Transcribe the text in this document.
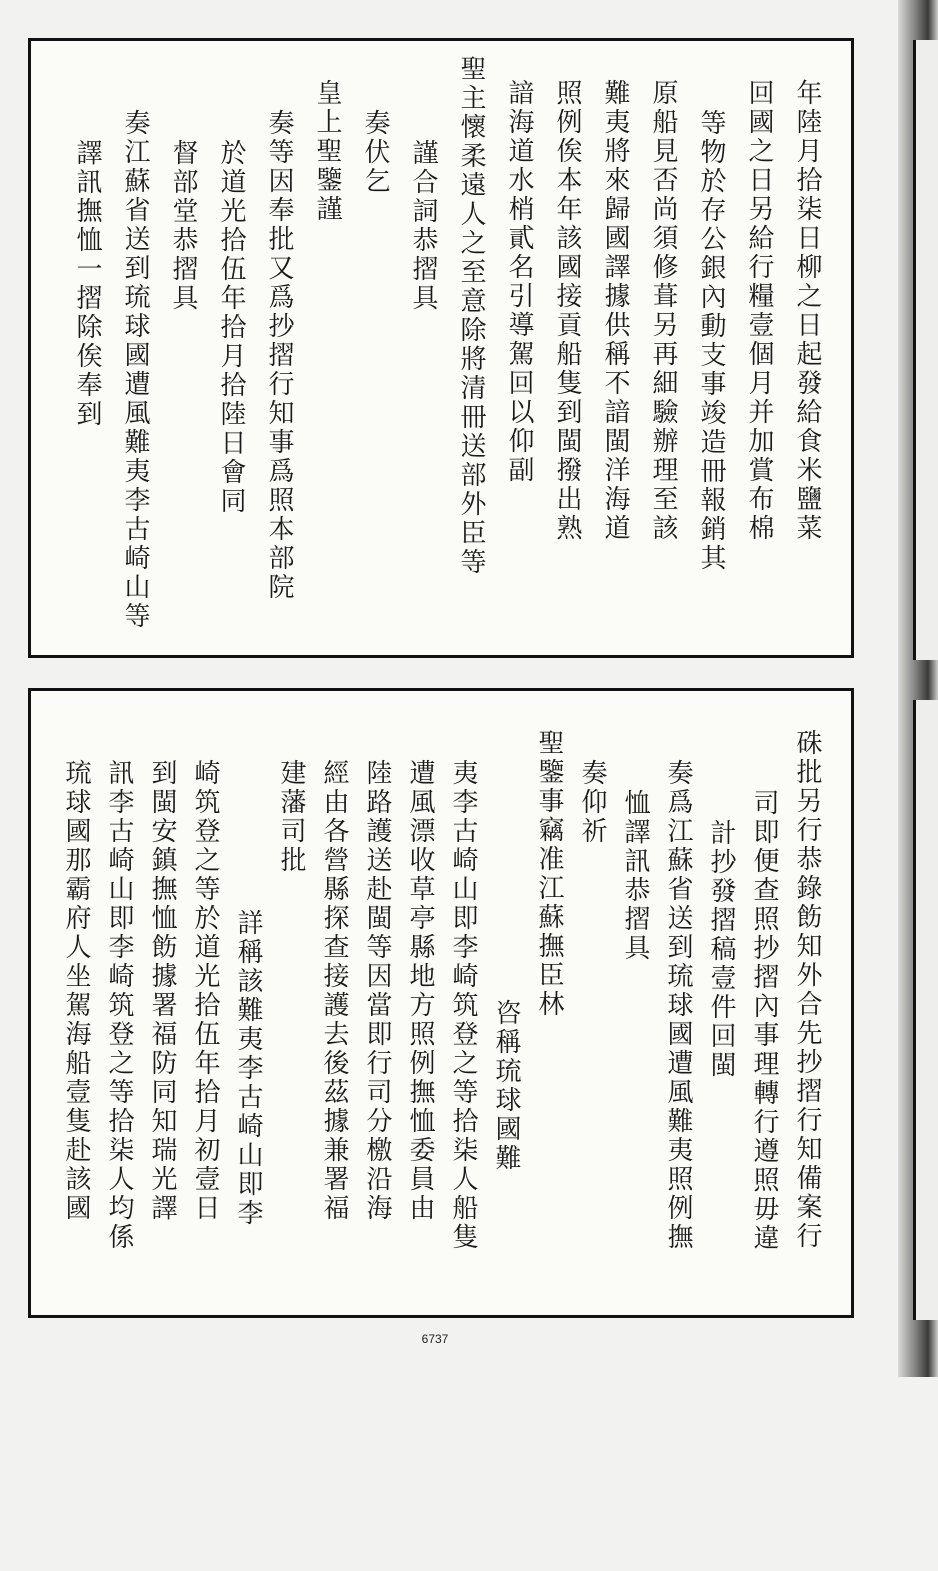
年陸月拾柒日柳之日起發給食米鹽菜
回國之日另給行糧壹個月并加賞布棉
等物於存公銀內動支事竣造冊報銷其
原船見否尚須修葺另再細驗辦理至該
難夷將來歸國譯據供稱不諳閩洋海道
照例俟本年該國接貢船隻到閩撥出熟
諳海道水梢貳名引導駕回以仰副
聖主懷柔遠人之至意除將清冊送部外臣等
謹合詞恭摺具
奏伏乞
皇上聖鑒謹
奏等因奉批又爲抄摺行知事爲照本部院
於道光拾伍年拾月拾陸日會同
督部堂恭摺具
奏江蘇省送到琉球國遭風難夷李古崎山等
譯訊撫恤一摺除俟奉到
硃批另行恭錄飭知外合先抄摺行知備案行
司即便查照抄摺內事理轉行遵照毋違
計抄發摺稿壹件回閩
奏爲江蘇省送到琉球國遭風難夷照例撫
恤譯訊恭摺具
奏仰祈
聖鑒事竊准江蘇撫臣林
咨稱琉球國難
夷李古崎山即李崎筑登之等拾柒人船隻
遭風漂收草亭縣地方照例撫恤委員由
陸路護送赴閩等因當即行司分檄沿海
經由各營縣探查接護去後茲據兼署福
建藩司批
詳稱該難夷李古崎山即李
崎筑登之等於道光拾伍年拾月初壹日
到閩安鎮撫恤飭據署福防同知瑞光譯
訊李古崎山即李崎筑登之等拾柒人均係
琉球國那霸府人坐駕海船壹隻赴該國
6737
